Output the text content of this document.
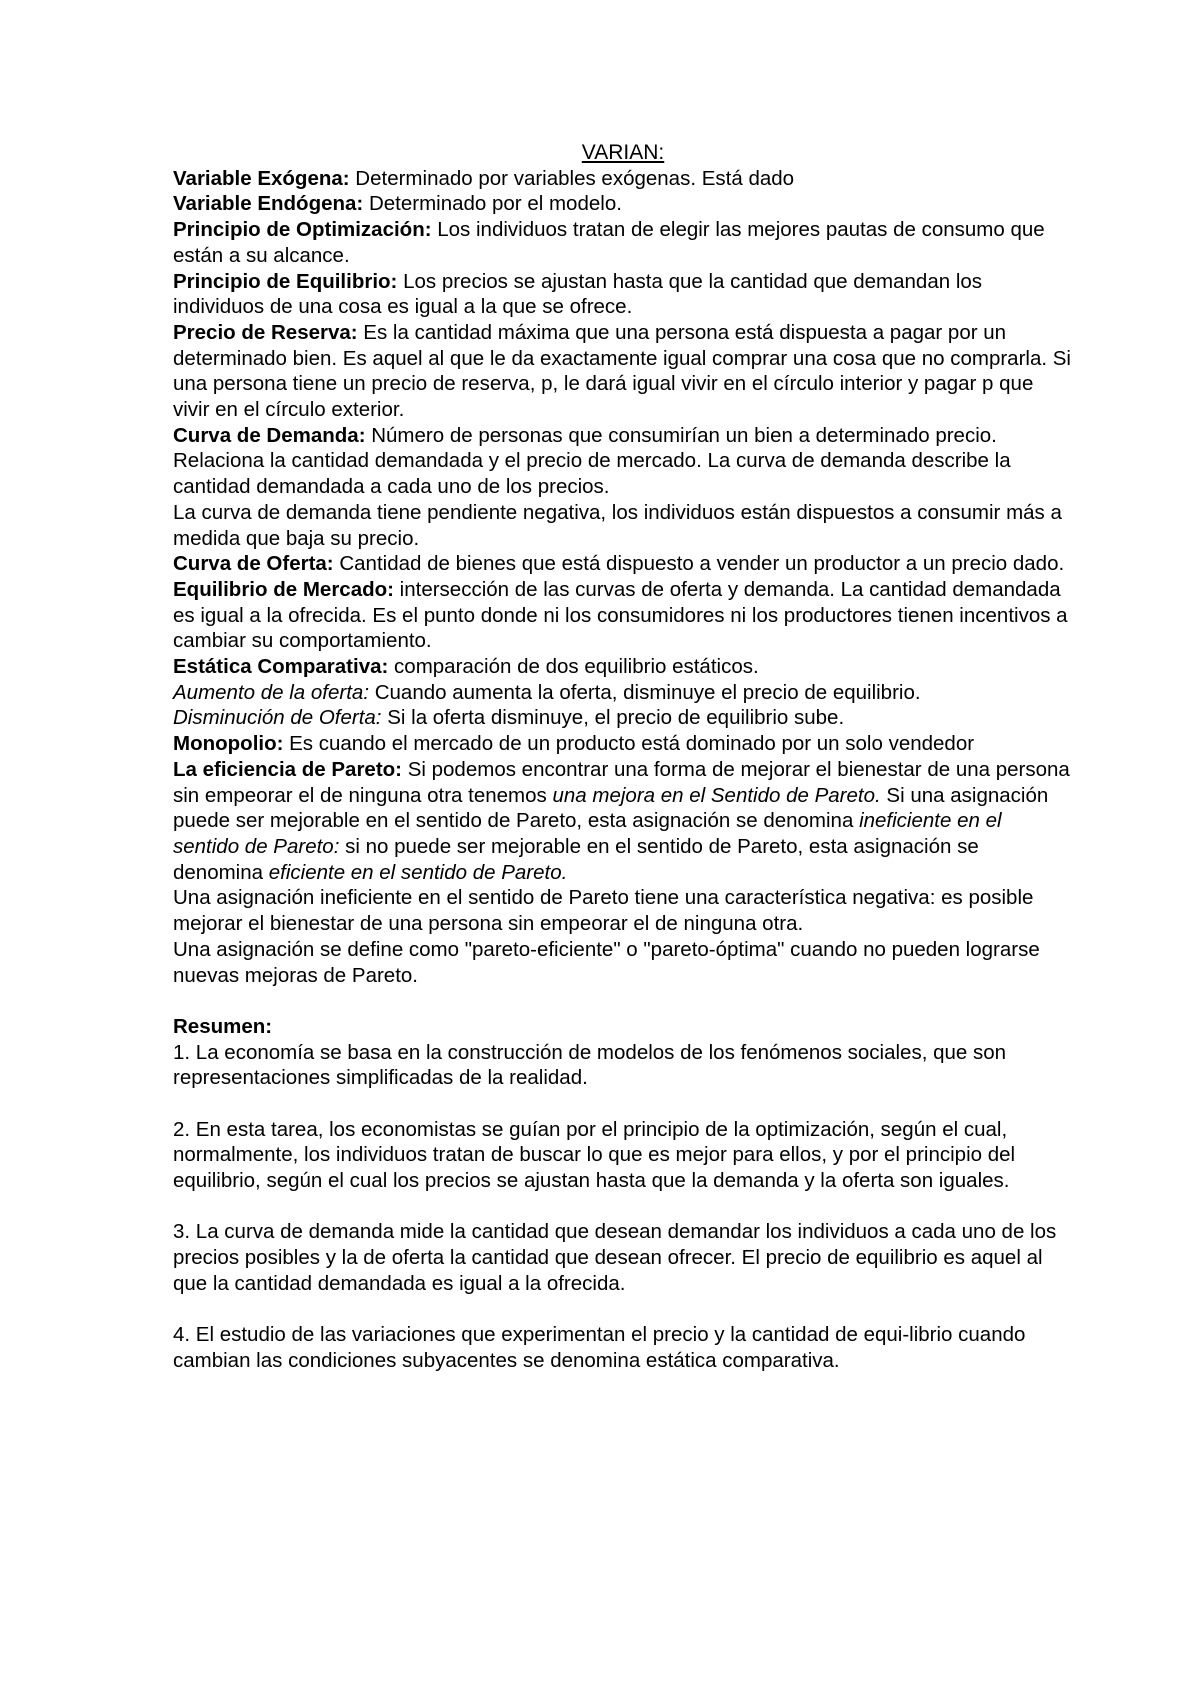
VARIAN:

Variable Exógena: Determinado por variables exógenas. Está dado

Variable Endógena: Determinado por el modelo.

Principio de Optimización: Los individuos tratan de elegir las mejores pautas de consumo que están a su alcance.

Principio de Equilibrio: Los precios se ajustan hasta que la cantidad que demandan los individuos de una cosa es igual a la que se ofrece.

Precio de Reserva: Es la cantidad máxima que una persona está dispuesta a pagar por un determinado bien. Es aquel al que le da exactamente igual comprar una cosa que no comprarla. Si una persona tiene un precio de reserva, p, le dará igual vivir en el círculo interior y pagar p que vivir en el círculo exterior.

Curva de Demanda: Número de personas que consumirían un bien a determinado precio. Relaciona la cantidad demandada y el precio de mercado. La curva de demanda describe la cantidad demandada a cada uno de los precios.

La curva de demanda tiene pendiente negativa, los individuos están dispuestos a consumir más a medida que baja su precio.

Curva de Oferta: Cantidad de bienes que está dispuesto a vender un productor a un precio dado.

Equilibrio de Mercado: intersección de las curvas de oferta y demanda. La cantidad demandada es igual a la ofrecida. Es el punto donde ni los consumidores ni los productores tienen incentivos a cambiar su comportamiento.

Estática Comparativa: comparación de dos equilibrio estáticos.

Aumento de la oferta: Cuando aumenta la oferta, disminuye el precio de equilibrio.

Disminución de Oferta: Si la oferta disminuye, el precio de equilibrio sube.

Monopolio: Es cuando el mercado de un producto está dominado por un solo vendedor

La eficiencia de Pareto: Si podemos encontrar una forma de mejorar el bienestar de una persona sin empeorar el de ninguna otra tenemos una mejora en el Sentido de Pareto. Si una asignación puede ser mejorable en el sentido de Pareto, esta asignación se denomina ineficiente en el sentido de Pareto: si no puede ser mejorable en el sentido de Pareto, esta asignación se denomina eficiente en el sentido de Pareto.

Una asignación ineficiente en el sentido de Pareto tiene una característica negativa: es posible mejorar el bienestar de una persona sin empeorar el de ninguna otra.

Una asignación se define como "pareto-eficiente" o "pareto-óptima" cuando no pueden lograrse nuevas mejoras de Pareto.

Resumen:

1. La economía se basa en la construcción de modelos de los fenómenos sociales, que son representaciones simplificadas de la realidad.

2. En esta tarea, los economistas se guían por el principio de la optimización, según el cual, normalmente, los individuos tratan de buscar lo que es mejor para ellos, y por el principio del equilibrio, según el cual los precios se ajustan hasta que la demanda y la oferta son iguales.

3. La curva de demanda mide la cantidad que desean demandar los individuos a cada uno de los precios posibles y la de oferta la cantidad que desean ofrecer. El precio de equilibrio es aquel al que la cantidad demandada es igual a la ofrecida.

4. El estudio de las variaciones que experimentan el precio y la cantidad de equi-librio cuando cambian las condiciones subyacentes se denomina estática comparativa.
